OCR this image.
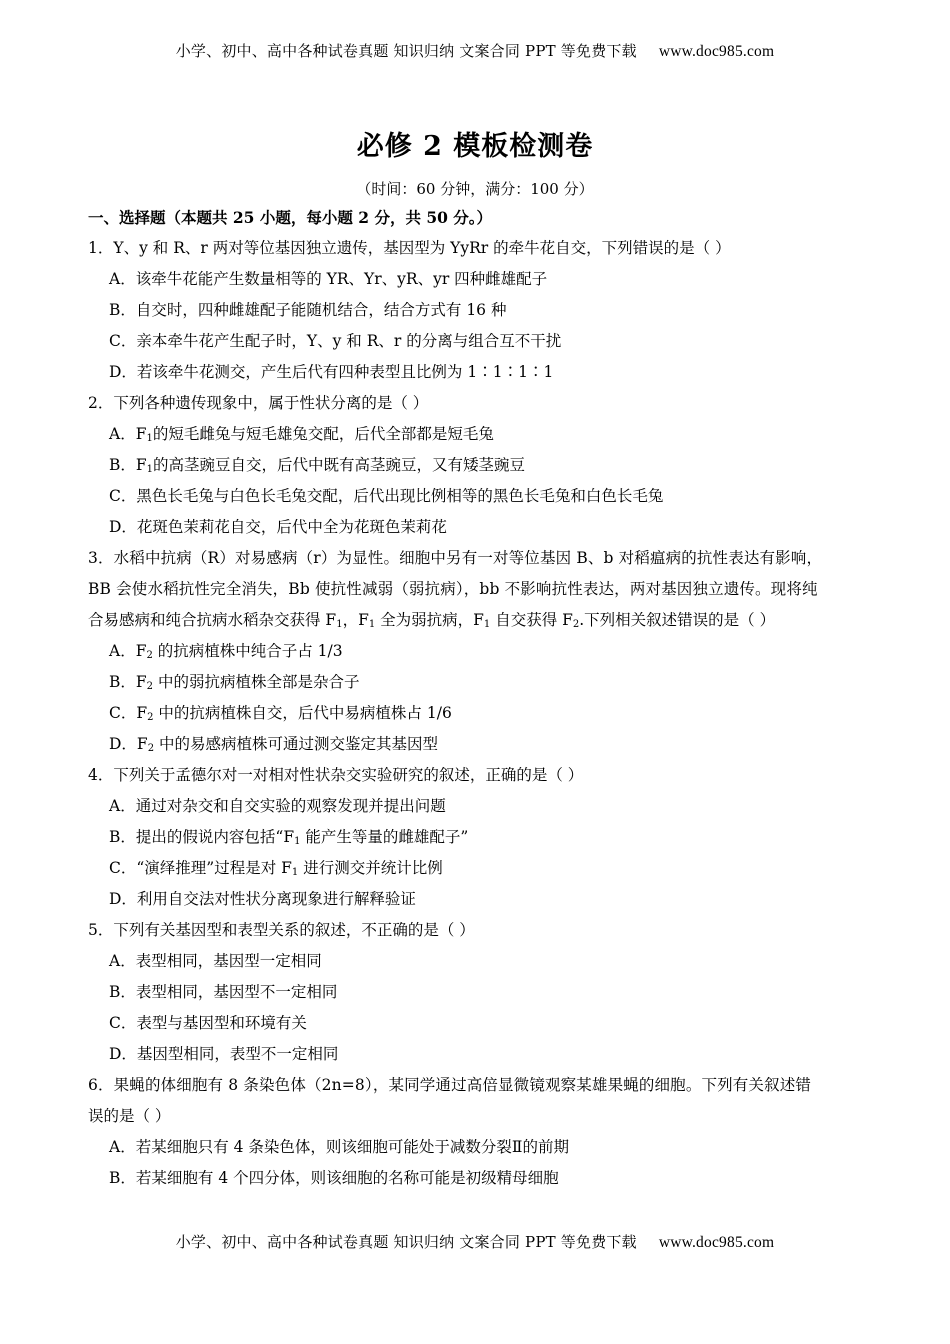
小学、初中、高中各种试卷真题 知识归纳 文案合同 PPT 等免费下载 www.doc985.com
必修 2 模板检测卷
（时间：60 分钟，满分：100 分）
一、选择题（本题共 25 小题，每小题 2 分，共 50 分。）
1．Y、y 和 R、r 两对等位基因独立遗传，基因型为 YyRr 的牵牛花自交，下列错误的是（ ）
A．该牵牛花能产生数量相等的 YR、Yr、yR、yr 四种雌雄配子
B．自交时，四种雌雄配子能随机结合，结合方式有 16 种
C．亲本牵牛花产生配子时，Y、y 和 R、r 的分离与组合互不干扰
D．若该牵牛花测交，产生后代有四种表型且比例为 1∶1∶1∶1
2．下列各种遗传现象中，属于性状分离的是（ ）
A．$F_1$的短毛雌兔与短毛雄兔交配，后代全部都是短毛兔
B．$F_1$的高茎豌豆自交，后代中既有高茎豌豆，又有矮茎豌豆
C．黑色长毛兔与白色长毛兔交配，后代出现比例相等的黑色长毛兔和白色长毛兔
D．花斑色茉莉花自交，后代中全为花斑色茉莉花
3．水稻中抗病（R）对易感病（r）为显性。细胞中另有一对等位基因 B、b 对稻瘟病的抗性表达有影响，
BB 会使水稻抗性完全消失，Bb 使抗性减弱（弱抗病），bb 不影响抗性表达，两对基因独立遗传。现将纯
合易感病和纯合抗病水稻杂交获得 $F_1$，$F_1$ 全为弱抗病，$F_1$ 自交获得 $F_2$.下列相关叙述错误的是（ ）
A．$F_2$ 的抗病植株中纯合子占 1/3
B．$F_2$ 中的弱抗病植株全部是杂合子
C．$F_2$ 中的抗病植株自交，后代中易病植株占 1/6
D．$F_2$ 中的易感病植株可通过测交鉴定其基因型
4．下列关于孟德尔对一对相对性状杂交实验研究的叙述，正确的是（ ）
A．通过对杂交和自交实验的观察发现并提出问题
B．提出的假说内容包括“$F_1$ 能产生等量的雌雄配子”
C．“演绎推理”过程是对 $F_1$ 进行测交并统计比例
D．利用自交法对性状分离现象进行解释验证
5．下列有关基因型和表型关系的叙述，不正确的是（ ）
A．表型相同，基因型一定相同
B．表型相同，基因型不一定相同
C．表型与基因型和环境有关
D．基因型相同，表型不一定相同
6．果蝇的体细胞有 8 条染色体（2n=8），某同学通过高倍显微镜观察某雄果蝇的细胞。下列有关叙述错
误的是（ ）
A．若某细胞只有 4 条染色体，则该细胞可能处于减数分裂Ⅱ的前期
B．若某细胞有 4 个四分体，则该细胞的名称可能是初级精母细胞
小学、初中、高中各种试卷真题 知识归纳 文案合同 PPT 等免费下载 www.doc985.com
